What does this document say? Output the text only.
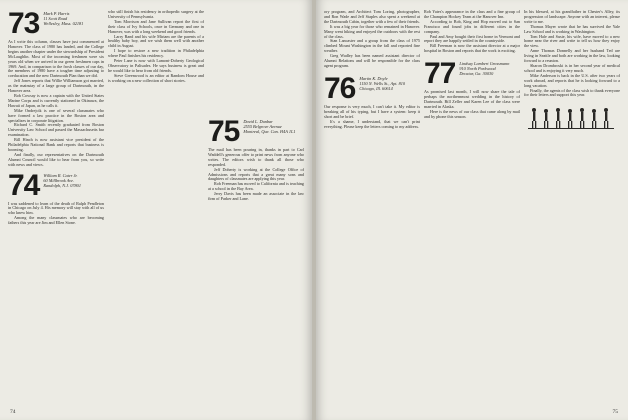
73 Mark P. Harris
11 Scott Road
Wellesley, Mass. 02181

As I write this column, classes have just commenced at Hanover. The class of 1980 has landed, and the College begins another chapter under the stewardship of President McLaughlin. Most of the incoming freshmen were six years old when we arrived in our green freshmen caps in 1969. And, in comparison to the frosh classes of our day, the members of 1980 have a tougher time adjusting to coeducation and the new Dartmouth Plan than we did.

Jeff Jones reports that Willie Williamson got married, as the mainstay of a large group of Dartmouth, in the Hanover area.

Bob Cowsay is now a captain with the United States Marine Corps and is currently stationed in Okinawa, the Hawaii of Japan, as he calls it.

Mike Ondrejcik is one of several classmates who have formed a law practice in the Boston area and specializes in corporate litigation.

Richard C. Smith recently graduated from Boston University Law School and passed the Massachusetts bar examination.

Bill Hinch is now assistant vice president of the Philadelphia National Bank and reports that business is booming.

And finally, our representatives on the Dartmouth Alumni Council would like to hear from you, so write with news and views.

74 William R. Cater Jr.
60 Millbrook Ave.
Randolph, N.J. 07801

I was saddened to learn of the death of Ralph Pendleton in Chicago on July 4. His memory will stay with all of us who knew him.

Among the many classmates who are becoming fathers this year are Jim and Ellen Stone.

who still finish his residency in orthopedic surgery at the University of Pennsylvania.

Tom Morrison and Jane Sullivan report the first of their class of Ivy Schools, once in Germany and one in Hanover, was with a long weekend and good friends.

Larry Rand and his wife Miriam are the parents of a healthy baby boy, and we wish them well with another child in August.

I hope to restore a new tradition in Philadelphia where Paul finishes his residency.

Peter Lane is now with Lamont-Doherty Geological Observatory in Palisades. He says business is great and he would like to hear from old friends.

Steve Greenwood is an editor at Random House and is working on a new collection of short stories.

75 David L. Dunbar
2555 Belgrove Avenue
Montreal, Que. Can. H4A 1L1

The mail has been pouring in, thanks in part to Carl Waddell's generous offer to print news from anyone who writes. The editors wish to thank all those who responded.

Jeff Doherty is working at the College Office of Admissions and reports that a great many sons and daughters of classmates are applying this year.

Rob Freeman has moved to California and is teaching at a school in the Bay Area.

Jerry Davis has been made an associate in the law firm of Parker and Lane.

74

ory program, and Architect Tom Loring, photographer, and Ron Wade and Jeff Staples also spent a weekend at the Dartmouth Cabin, together with a few of their friends.

It was a big year for those who remained in Hanover. Many went hiking and enjoyed the outdoors with the rest of the class.

Stan Lancaster and a group from the class of 1975 climbed Mount Washington in the fall and reported fine weather.

Greg Wadley has been named assistant director of Alumni Relations and will be responsible for the class agent program.

76 Martin K. Doyle
1150 N. Wells St., Apt. 810
Chicago, Ill. 60614

Our response is very much, I can't take it. My editor is breaking all of his typing, but I have a system: keep it short and be brief.

It's a shame, I understand, that we can't print everything. Please keep the letters coming to my address.

Rob Yates's appearance in the class and a fine group of the Champion Hockey Team at the Hanover Inn.

According to Bob, King and Hop moved out to San Francisco and found jobs in different cities in the company.

Paul and Amy bought their first home in Vermont and report they are happily settled in the countryside.

Bill Freeman is now the assistant director at a major hospital in Boston and reports that the work is exciting.

77 Lindsay Lambert Grossmann
910 North Parkwood
Decatur, Ga. 30030

As promised last month, I will now share the tale of perhaps the northernmost wedding in the history of Dartmouth. Bill Zeller and Karen Lee of the class were married in Alaska.

Here is the news of our class that came along by mail and by phone this season.

In his blessed, at his grandfather in Chester's Alley, its progression of landscape. Anyone with an interest, please write to me.

Thomas Mayer wrote that he has survived the Yale Law School and is working in Washington.

Tom Hale and Susie, his wife, have moved to a new home near the river and write to tell us how they enjoy the view.

Anne Thomas Donnelly and her husband Ted are living in Seattle and both are working in the law, looking forward to a reunion.

Sharon Drombroski is in her second year of medical school and is enjoying it very much.

Mike Anderson is back in the U.S. after two years of work abroad, and reports that he is looking forward to a long vacation.

Finally, the agents of the class wish to thank everyone for their letters and support this year.

75
